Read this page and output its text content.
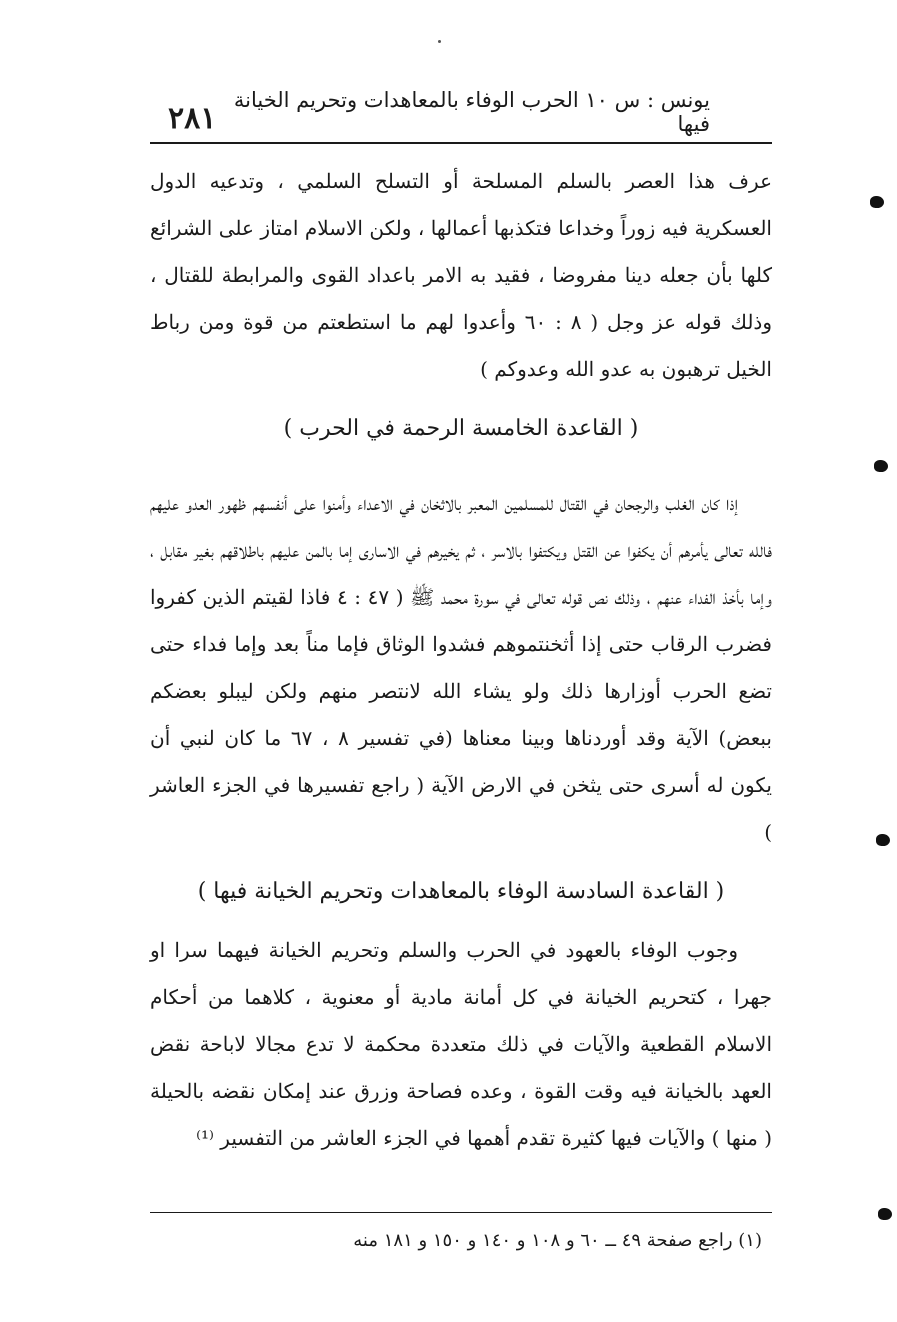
يونس : س ١٠ الحرب الوفاء بالمعاهدات وتحريم الخيانة فيها
٢٨١

عرف هذا العصر بالسلم المسلحة أو التسلح السلمي ، وتدعيه الدول العسكرية فيه زوراً وخداعا فتكذبها أعمالها ، ولكن الاسلام امتاز على الشرائع كلها بأن جعله دينا مفروضا ، فقيد به الامر باعداد القوى والمرابطة للقتال ، وذلك قوله عز وجل ( ٨ : ٦٠ وأعدوا لهم ما استطعتم من قوة ومن رباط الخيل ترهبون به عدو الله وعدوكم )

( القاعدة الخامسة الرحمة في الحرب )

إذا كان الغلب والرجحان في القتال للمسلمين المعبر بالاثخان في الاعداء وأمنوا على أنفسهم ظهور العدو عليهم فالله تعالى يأمرهم أن يكفوا عن القتل ويكتفوا بالاسر ، ثم يخيرهم في الاسارى إما بالمن عليهم باطلاقهم بغير مقابل ، وإما بأخذ الفداء عنهم ، وذلك نص قوله تعالى في سورة محمد ﷺ ( ٤٧ : ٤ فاذا لقيتم الذين كفروا فضرب الرقاب حتى إذا أثخنتموهم فشدوا الوثاق فإما مناً بعد وإما فداء حتى تضع الحرب أوزارها ذلك ولو يشاء الله لانتصر منهم ولكن ليبلو بعضكم ببعض) الآية وقد أوردناها وبينا معناها (في تفسير ٨ ، ٦٧ ما كان لنبي أن يكون له أسرى حتى يثخن في الارض الآية ( راجع تفسيرها في الجزء العاشر )

( القاعدة السادسة الوفاء بالمعاهدات وتحريم الخيانة فيها )

وجوب الوفاء بالعهود في الحرب والسلم وتحريم الخيانة فيهما سرا او جهرا ، كتحريم الخيانة في كل أمانة مادية أو معنوية ، كلاهما من أحكام الاسلام القطعية والآيات في ذلك متعددة محكمة لا تدع مجالا لاباحة نقض العهد بالخيانة فيه وقت القوة ، وعده فصاحة وزرق عند إمكان نقضه بالحيلة ( منها ) والآيات فيها كثيرة تقدم أهمها في الجزء العاشر من التفسير ⁽¹⁾

(١) راجع صفحة ٤٩ ــ ٦٠ و ١٠٨ و ١٤٠ و ١٥٠ و ١٨١ منه
